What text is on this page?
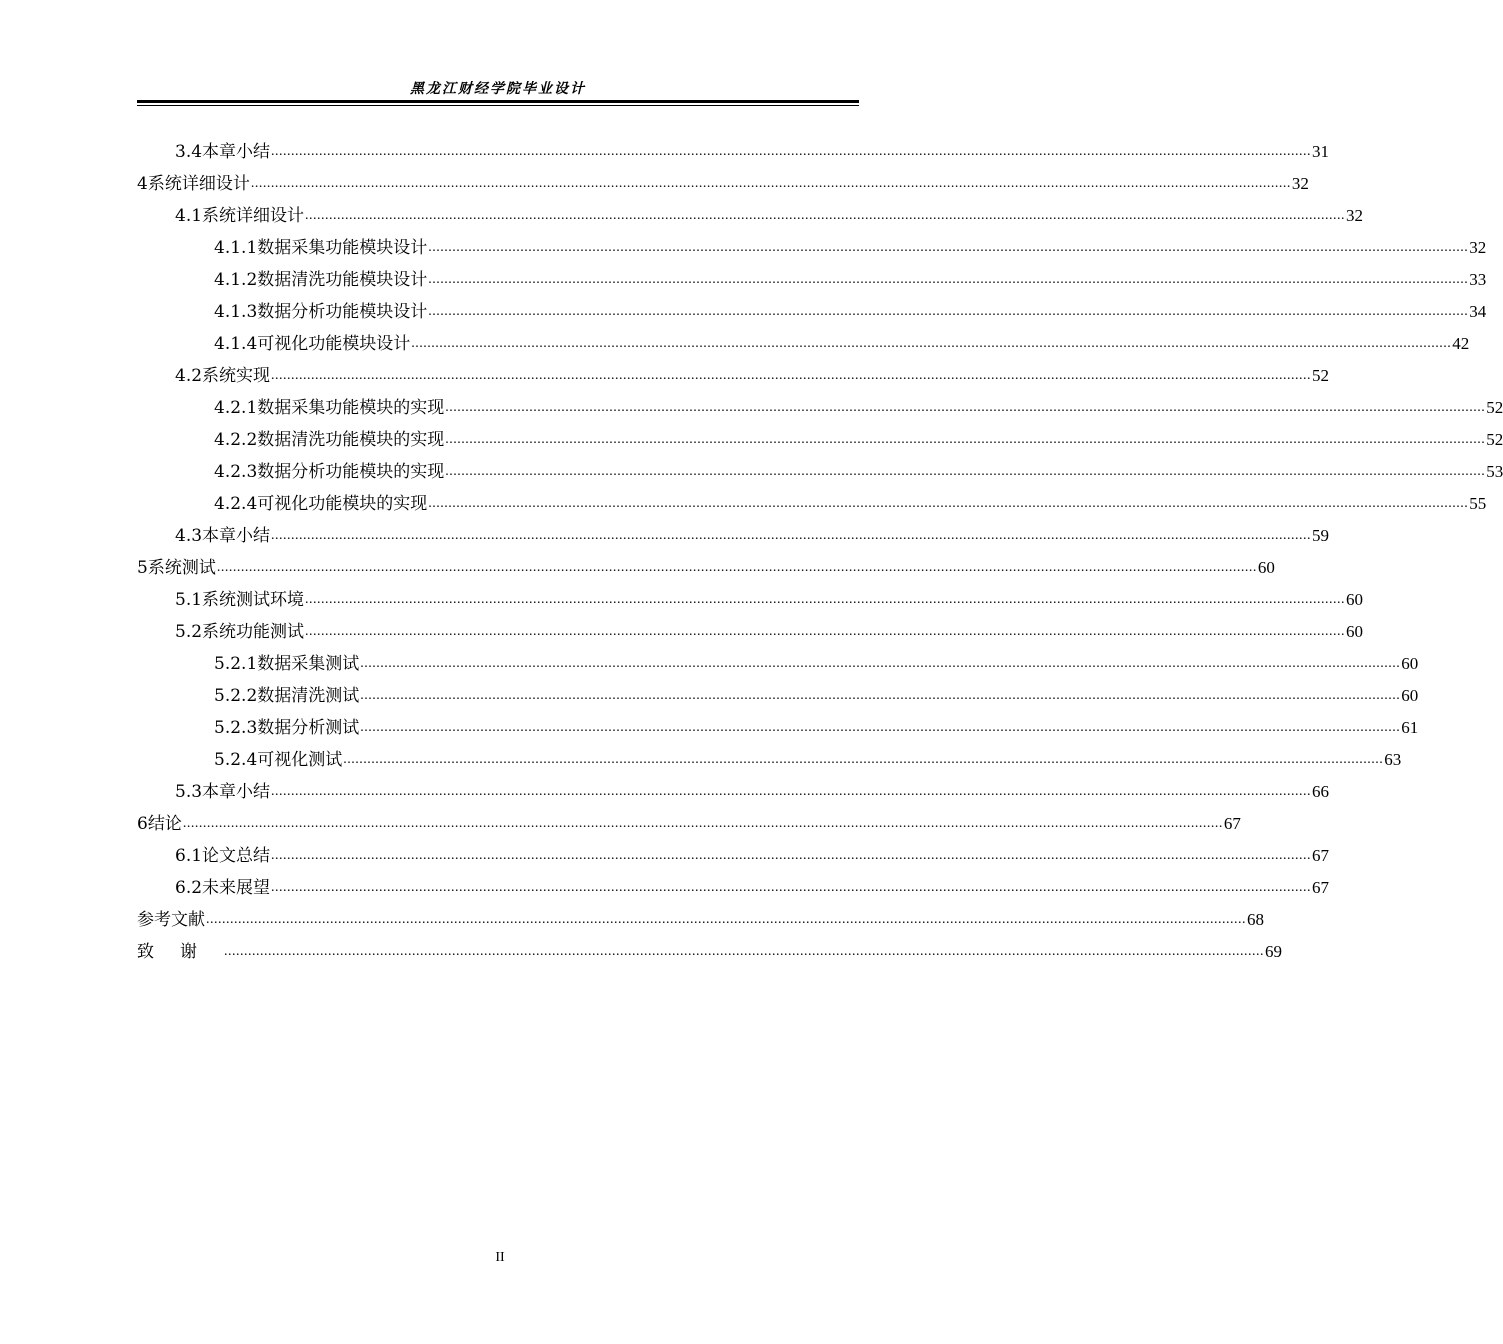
黑龙江财经学院毕业设计
3.4 本章小结 .................................................................................................................................................................................................................................................................... 31
4 系统详细设计 .................................................................................................................................................................................................................................................................... 32
4.1 系统详细设计 .................................................................................................................................................................................................................................................................... 32
4.1.1 数据采集功能模块设计 .................................................................................................................................................................................................................................................................... 32
4.1.2 数据清洗功能模块设计 .................................................................................................................................................................................................................................................................... 33
4.1.3 数据分析功能模块设计 .................................................................................................................................................................................................................................................................... 34
4.1.4 可视化功能模块设计 .................................................................................................................................................................................................................................................................... 42
4.2 系统实现 .................................................................................................................................................................................................................................................................... 52
4.2.1 数据采集功能模块的实现 .................................................................................................................................................................................................................................................................... 52
4.2.2 数据清洗功能模块的实现 .................................................................................................................................................................................................................................................................... 52
4.2.3 数据分析功能模块的实现 .................................................................................................................................................................................................................................................................... 53
4.2.4 可视化功能模块的实现 .................................................................................................................................................................................................................................................................... 55
4.3 本章小结 .................................................................................................................................................................................................................................................................... 59
5 系统测试 .................................................................................................................................................................................................................................................................... 60
5.1 系统测试环境 .................................................................................................................................................................................................................................................................... 60
5.2 系统功能测试 .................................................................................................................................................................................................................................................................... 60
5.2.1 数据采集测试 .................................................................................................................................................................................................................................................................... 60
5.2.2 数据清洗测试 .................................................................................................................................................................................................................................................................... 60
5.2.3 数据分析测试 .................................................................................................................................................................................................................................................................... 61
5.2.4 可视化测试 .................................................................................................................................................................................................................................................................... 63
5.3 本章小结 .................................................................................................................................................................................................................................................................... 66
6 结论 .................................................................................................................................................................................................................................................................... 67
6.1 论文总结 .................................................................................................................................................................................................................................................................... 67
6.2 未来展望 .................................................................................................................................................................................................................................................................... 67
参考文献 .................................................................................................................................................................................................................................................................... 68
致谢 .................................................................................................................................................................................................................................................................... 69
II
